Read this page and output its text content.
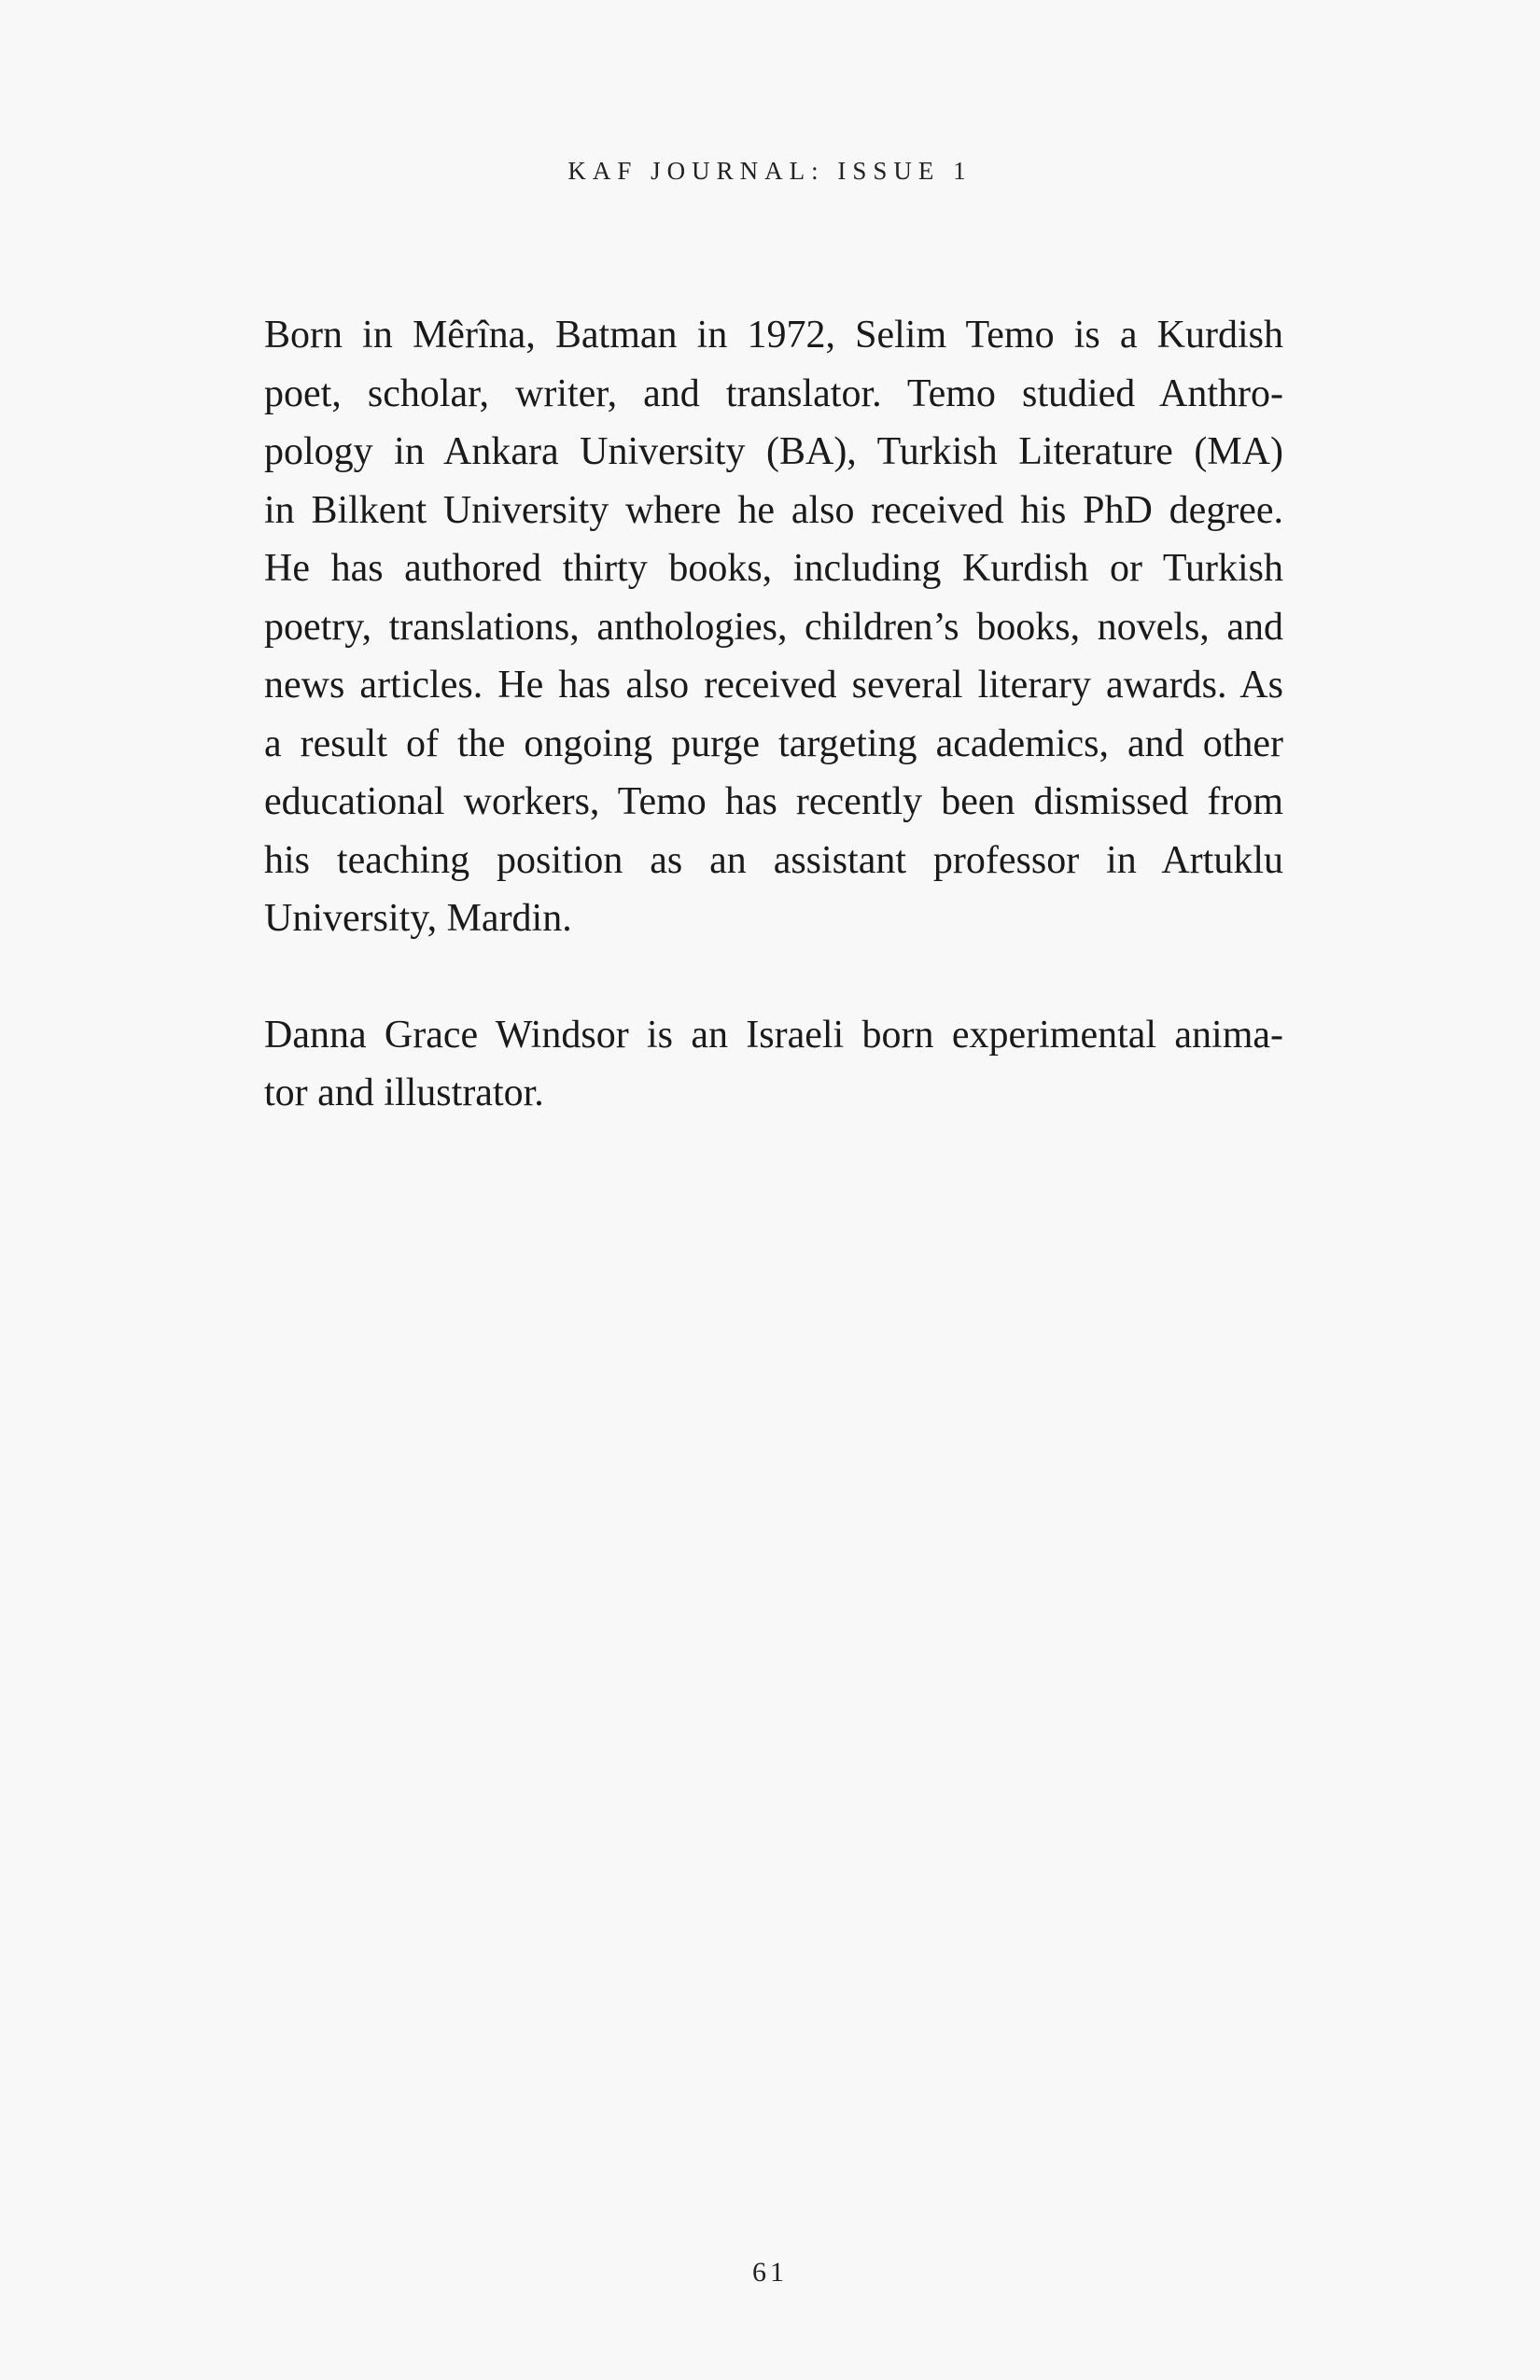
KAF JOURNAL: ISSUE 1

Born in Mêrîna, Batman in 1972, Selim Temo is a Kurdish
poet, scholar, writer, and translator. Temo studied Anthro-
pology in Ankara University (BA), Turkish Literature (MA)
in Bilkent University where he also received his PhD degree.
He has authored thirty books, including Kurdish or Turkish
poetry, translations, anthologies, children’s books, novels, and
news articles. He has also received several literary awards. As
a result of the ongoing purge targeting academics, and other
educational workers, Temo has recently been dismissed from
his teaching position as an assistant professor in Artuklu
University, Mardin.

Danna Grace Windsor is an Israeli born experimental anima-
tor and illustrator.

61
